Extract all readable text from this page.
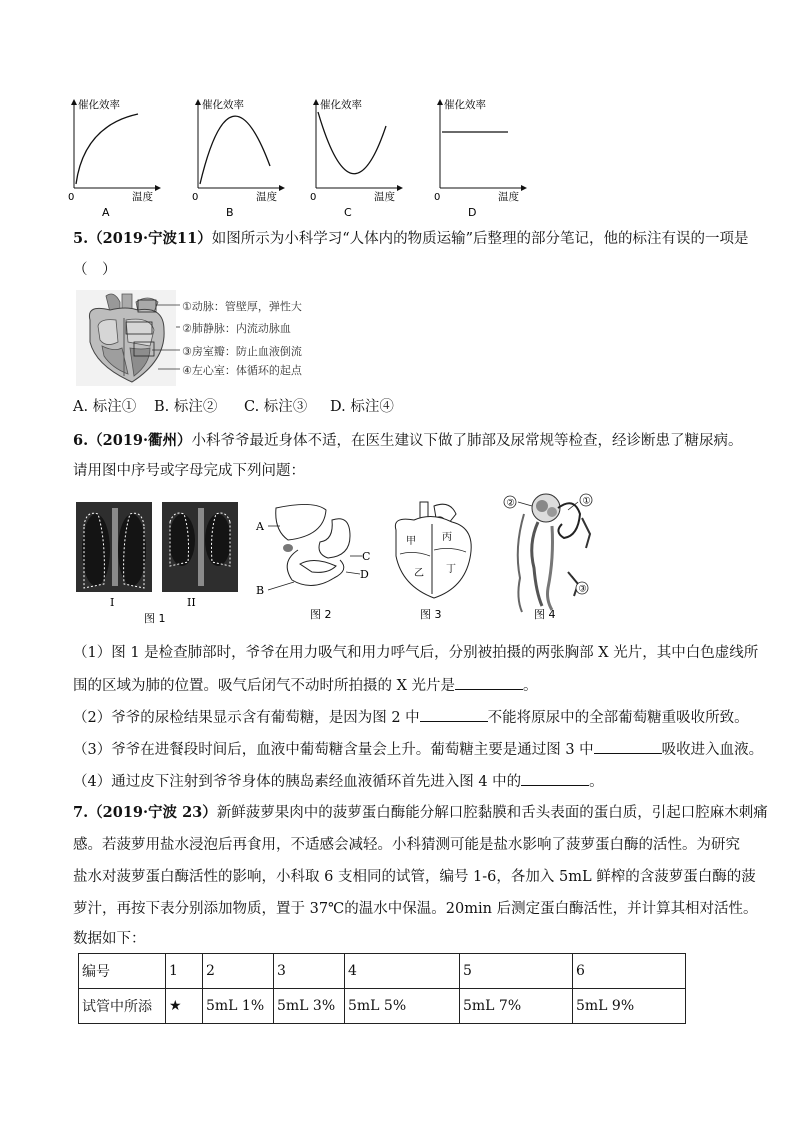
催化效率
温度
0
A
催化效率
温度
0
B
催化效率
温度
0
C
催化效率
温度
0
D
5.（2019·宁波11）如图所示为小科学习“人体内的物质运输”后整理的部分笔记，他的标注有误的一项是
（　）
①动脉：管壁厚，弹性大
②肺静脉：内流动脉血
③房室瓣：防止血液倒流
④左心室：体循环的起点
A. 标注① B. 标注② C. 标注③ D. 标注④
6.（2019·衢州）小科爷爷最近身体不适，在医生建议下做了肺部及尿常规等检查，经诊断患了糖尿病。
请用图中序号或字母完成下列问题：
I	II
图 1
A
B
C
D
图 2
甲	丙
乙 丁
图 3
②	①
③
图 4
（1）图 1 是检查肺部时，爷爷在用力吸气和用力呼气后，分别被拍摄的两张胸部 X 光片，其中白色虚线所
围的区域为肺的位置。吸气后闭气不动时所拍摄的 X 光片是	。
（2）爷爷的尿检结果显示含有葡萄糖，是因为图 2 中	不能将原尿中的全部葡萄糖重吸收所致。
（3）爷爷在进餐段时间后，血液中葡萄糖含量会上升。葡萄糖主要是通过图 3 中	吸收进入血液。
（4）通过皮下注射到爷爷身体的胰岛素经血液循环首先进入图 4 中的	。
7.（2019·宁波 23）新鲜菠萝果肉中的菠萝蛋白酶能分解口腔黏膜和舌头表面的蛋白质，引起口腔麻木刺痛
感。若菠萝用盐水浸泡后再食用，不适感会减轻。小科猜测可能是盐水影响了菠萝蛋白酶的活性。为研究
盐水对菠萝蛋白酶活性的影响，小科取 6 支相同的试管，编号 1-6，各加入 5mL 鲜榨的含菠萝蛋白酶的菠
萝汁，再按下表分别添加物质，置于 37℃的温水中保温。20min 后测定蛋白酶活性，并计算其相对活性。
数据如下：
编号	1	2	3	4	5	6
试管中所添	★	5mL 1%	5mL 3%	5mL 5%	5mL 7%	5mL 9%
